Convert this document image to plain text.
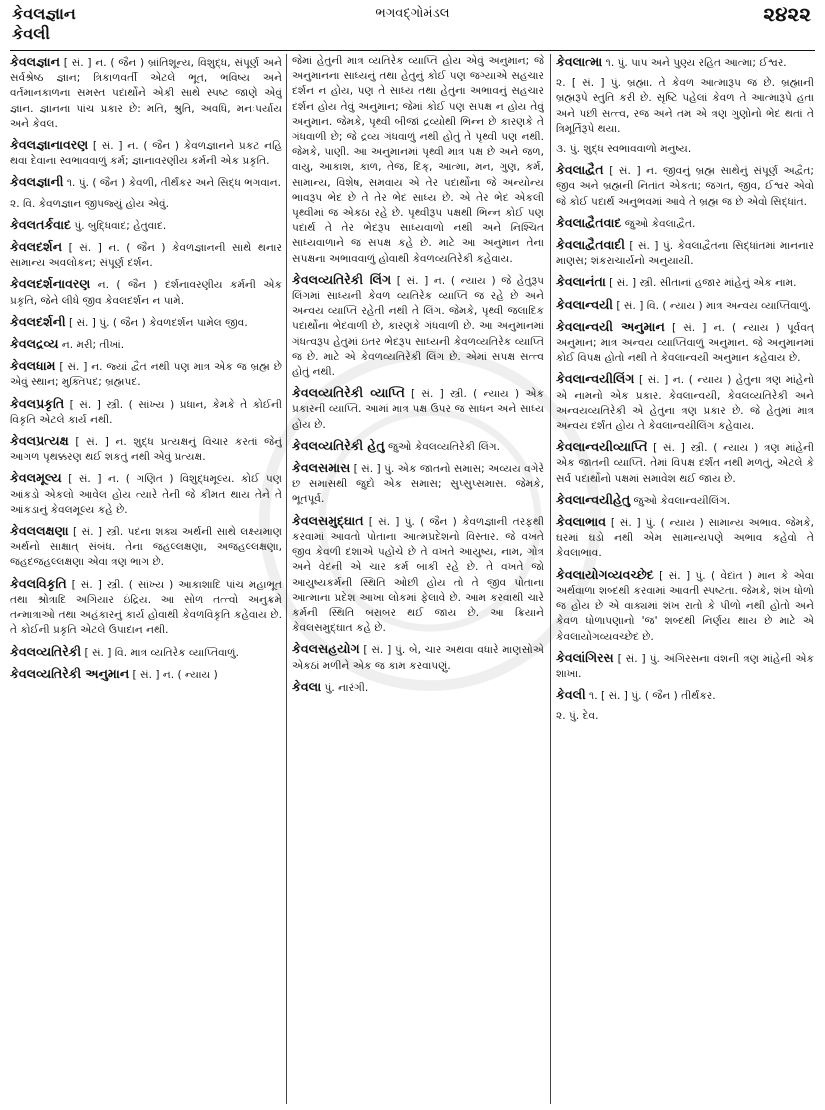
કેવલજ્ઞાન
કેવલી
ભગવદ્ગોમંડલ	૨૪૨૨

કેવલજ્ઞાન [ સં. ] ન. ( જૈન ) બ્રાંતિશૂન્ય, વિશુદ્ધ, સંપૂર્ણ અને સર્વશ્રેષ્ઠ જ્ઞાન; ત્રિકાળવર્તી એટલે ભૂત, ભવિષ્ય અને વર્તમાનકાળના સમસ્ત પદાર્થોને એકી સાથે સ્પષ્ટ જાણે એવું જ્ઞાન. જ્ઞાનના પાંચ પ્રકાર છે: મતિ, શ્રુતિ, અવધિ, મનઃપર્યાય અને કેવલ.

કેવલજ્ઞાનાવરણ [ સં. ] ન. ( જૈન ) કેવળજ્ઞાનને પ્રકટ નહિ થવા દેવાના સ્વભાવવાળું કર્મ; જ્ઞાનાવરણીય કર્મની એક પ્રકૃતિ.

કેવલજ્ઞાની ૧. પું. ( જૈન ) કેવળી, તીર્થંકર અને સિદ્ધ ભગવાન.

૨. વિ. કેવળજ્ઞાન જીપજ્યું હોય એવું.

કેવલતર્કવાદ પું. બુદ્ધિવાદ; હેતુવાદ.

કેવલદર્શન [ સં. ] ન. ( જૈન ) કેવળજ્ઞાનની સાથે થનાર સામાન્ય અવલોકન; સંપૂર્ણ દર્શન.

કેવલદર્શનાવરણ ન. ( જૈન ) દર્શનાવરણીય કર્મની એક પ્રકૃતિ, જેને લીધે જીવ કેવલદર્શન ન પામે.

કેવલદર્શની [ સં. ] પું. ( જૈન ) કેવળદર્શન પામેલ જીવ.

કેવલદ્રવ્ય ન. મરી; તીખાં.

કેવલધામ [ સં. ] ન. જ્યાં દ્વૈત નથી પણ માત્ર એક જ બ્રહ્મ છે એવું સ્થાન; મુક્તિપદ; બ્રહ્મપદ.

કેવલપ્રકૃતિ [ સં. ] સ્ત્રી. ( સાંખ્ય ) પ્રધાન, કેમકે તે કોઈની વિકૃતિ એટલે કાર્ય નથી.

કેવલપ્રત્યક્ષ [ સં. ] ન. શુદ્ધ પ્રત્યક્ષનું વિચાર કરતાં જેનું આગળ પૃથક્કરણ થઈ શકતું નથી એવું પ્રત્યક્ષ.

કેવલમૂલ્ય [ સં. ] ન. ( ગણિત ) વિશુદ્ધમૂલ્ય. કોઈ પણ આંકડો એકલો આવેલ હોય ત્યારે તેની જે કીમત થાય તેને તે આંકડાનું કેવલમૂલ્ય કહે છે.

કેવલલક્ષણા [ સં. ] સ્ત્રી. પદના શક્ય અર્થની સાથે લક્ષ્યમાણ અર્થનો સાક્ષાત્ સંબંધ. તેના જહલ્લક્ષણા, અજહલ્લક્ષણા, જહદજહલ્લક્ષણા એવા ત્રણ ભાગ છે.

કેવલવિકૃતિ [ સં. ] સ્ત્રી. ( સાંખ્ય ) આકાશાદિ પાંચ મહાભૂત તથા શ્રોત્રાદિ અગિયાર ઇંદ્રિય. આ સોળ તત્ત્વો અનુક્રમે તન્માત્રાઓ તથા અહંકારનું કાર્ય હોવાથી કેવળવિકૃતિ કહેવાય છે. તે કોઈની પ્રકૃતિ એટલે ઉપાદાન નથી.

કેવલવ્યતિરેકી [ સં. ] વિ. માત્ર વ્યતિરેક વ્યાપ્તિવાળું.

કેવલવ્યતિરેકી અનુમાન [ સં. ] ન. ( ન્યાય )

જેમાં હેતુની માત્ર વ્યતિરેક વ્યાપ્તિ હોય એવું અનુમાન; જે અનુમાનના સાધ્યનું તથા હેતુનું કોઈ પણ જગ્યાએ સહચાર દર્શન ન હોય, પણ તે સાધ્ય તથા હેતુના અભાવનું સહચાર દર્શન હોય તેવું અનુમાન; જેમાં કોઈ પણ સપક્ષ ન હોય તેવું અનુમાન. જેમકે, પૃથ્વી બીજાં દ્રવ્યોથી ભિન્ન છે કારણકે તે ગંધવાળી છે; જે દ્રવ્ય ગંધવાળું નથી હોતું તે પૃથ્વી પણ નથી. જેમકે, પાણી. આ અનુમાનમાં પૃથ્વી માત્ર પક્ષ છે અને જળ, વાયુ, આકાશ, કાળ, તેજ, દિક્, આત્મા, મન, ગુણ, કર્મ, સામાન્ય, વિશેષ, સમવાય એ તેર પદાર્થોના જે અન્યોન્ય ભાવરૂપ ભેદ છે તે તેર ભેદ સાધ્ય છે. એ તેર ભેદ એકલી પૃથ્વીમાં જ એકઠા રહે છે. પૃથ્વીરૂપ પક્ષથી ભિન્ન કોઈ પણ પદાર્થ તે તેર ભેદરૂપ સાધ્યવાળો નથી અને નિશ્ચિત સાધ્યવાળાને જ સપક્ષ કહે છે. માટે આ અનુમાન તેના સપક્ષના અભાવવાળું હોવાથી કેવળવ્યતિરેકી કહેવાય.

કેવલવ્યતિરેકી લિંગ [ સં. ] ન. ( ન્યાય ) જે હેતુરૂપ લિંગમાં સાધ્યની કેવળ વ્યતિરેક વ્યાપ્તિ જ રહે છે અને અન્વય વ્યાપ્તિ રહેતી નથી તે લિંગ. જેમકે, પૃથ્વી જલાદિક પદાર્થોના ભેદવાળી છે, કારણકે ગંધવાળી છે. આ અનુમાનમાં ગંધત્વરૂપ હેતુમાં ઇતર ભેદરૂપ સાધ્યની કેવળવ્યતિરેક વ્યાપ્તિ જ છે. માટે એ કેવળવ્યતિરેકી લિંગ છે. એમાં સપક્ષ સત્ત્વ હોતું નથી.

કેવલવ્યતિરેકી વ્યાપ્તિ [ સં. ] સ્ત્રી. ( ન્યાય ) એક પ્રકારની વ્યાપ્તિ. આમાં માત્ર પક્ષ ઉપર જ સાધન અને સાધ્ય હોય છે.

કેવલવ્યતિરેકી હેતુ જુઓ કેવલવ્યતિરેકી લિંગ.

કેવલસમાસ [ સં. ] પું. એક જાતનો સમાસ; અવ્યય વગેરે છ સમાસથી જુદો એક સમાસ; સુપ્સુપ્સમાસ. જેમકે, ભૂતપૂર્વ.

કેવલસમુદ્ઘાત [ સં. ] પું. ( જૈન ) કેવળજ્ઞાની તરફથી કરવામાં આવતો પોતાના આત્મપ્રદેશનો વિસ્તાર. જે વખતે જીવ કેવળી દશાએ પહોંચે છે તે વખતે આયુષ્ય, નામ, ગોત્ર અને વેદની એ ચાર કર્મ બાકી રહે છે. તે વખતે જો આયુષ્યકર્મની સ્થિતિ ઓછી હોય તો તે જીવ પોતાના આત્માના પ્રદેશ આખા લોકમાં ફેલાવે છે. આમ કરવાથી ચારે કર્મની સ્થિતિ બરાબર થઈ જાય છે. આ ક્રિયાને કેવલસમુદ્ઘાત કહે છે.

કેવલસહયોગ [ સં. ] પું. બે, ચાર અથવા વધારે માણસોએ એકઠાં મળીને એક જ કામ કરવાપણું.

કેવલા પું. નારંગી.

કેવલાત્મા ૧. પું. પાપ અને પુણ્ય રહિત આત્મા; ઈશ્વર.

૨. [ સં. ] પું. બ્રહ્મા. તે કેવળ આત્મારૂપ જ છે. બ્રહ્માની બ્રહ્મરૂપે સ્તુતિ કરી છે. સૃષ્ટિ પહેલાં કેવળ તે આત્મારૂપે હતા અને પછી સત્ત્વ, રજ અને તમ એ ત્રણ ગુણોનો ભેદ થતાં તે ત્રિમૂર્તિરૂપે થયા.

૩. પું. શુદ્ધ સ્વભાવવાળો મનુષ્ય.

કેવલાદ્વૈત [ સં. ] ન. જીવનું બ્રહ્મ સાથેનું સંપૂર્ણ અદ્વૈત; જીવ અને બ્રહ્મની નિતાંત એકતા; જગત, જીવ, ઈશ્વર એવો જે કોઈ પદાર્થ અનુભવમાં આવે તે બ્રહ્મ જ છે એવો સિદ્ધાંત.

કેવલાદ્વૈતવાદ જુઓ કેવલાદ્વૈત.

કેવલાદ્વૈતવાદી [ સં. ] પું. કેવલાદ્વૈતના સિદ્ધાંતમાં માનનાર માણસ; શંકરાચાર્યનો અનુયાયી.

કેવલાનંતા [ સં. ] સ્ત્રી. સીતાનાં હજાર માંહેનું એક નામ.

કેવલાન્વયી [ સં. ] વિ. ( ન્યાય ) માત્ર અન્વય વ્યાપ્તિવાળું.

કેવલાન્વયી અનુમાન [ સં. ] ન. ( ન્યાય ) પૂર્વવત્ અનુમાન; માત્ર અન્વય વ્યાપ્તિવાળું અનુમાન. જે અનુમાનમાં કોઈ વિપક્ષ હોતો નથી તે કેવલાન્વયી અનુમાન કહેવાય છે.

કેવલાન્વયીલિંગ [ સં. ] ન. ( ન્યાય ) હેતુના ત્રણ માંહેનો એ નામનો એક પ્રકાર. કેવલાન્વયી, કેવલવ્યતિરેકી અને અન્વયવ્યતિરેકી એ હેતુના ત્રણ પ્રકાર છે. જે હેતુમાં માત્ર અન્વય દર્શંત હોય તે કેવલાન્વયીલિંગ કહેવાય.

કેવલાન્વયીવ્યાપ્તિ [ સં. ] સ્ત્રી. ( ન્યાય ) ત્રણ માંહેની એક જાતની વ્યાપ્તિ. તેમાં વિપક્ષ દર્શંત નથી મળતું, એટલે કે સર્વ પદાર્થોનો પક્ષમાં સમાવેશ થઈ જાય છે.

કેવલાન્વયીહેતુ જુઓ કેવલાન્વયીલિંગ.

કેવલાભાવ [ સં. ] પું. ( ન્યાય ) સામાન્ય અભાવ. જેમકે, ઘરમાં ઘડો નથી એમ સામાન્યપણે અભાવ કહેવો તે કેવલાભાવ.

કેવલાયોગવ્યવચ્છેદ [ સં. ] પું. ( વેદાંત ) માન કે એવા અર્થવાળા શબ્દથી કરવામાં આવતી સ્પષ્ટતા. જેમકે, શંખ ધોળો જ હોય છે એ વાક્યમાં શંખ રાતો કે પીળો નથી હોતો અને કેવળ ધોળાપણાનો 'જ' શબ્દથી નિર્ણય થાય છે માટે એ કેવલાયોગવ્યવચ્છેદ છે.

કેવલાંગિરસ [ સં. ] પું. અંગિરસના વંશની ત્રણ માંહેની એક શાખા.

કેવલી ૧. [ સં. ] પું. ( જૈન ) તીર્થંકર.

૨. પું. દેવ.
